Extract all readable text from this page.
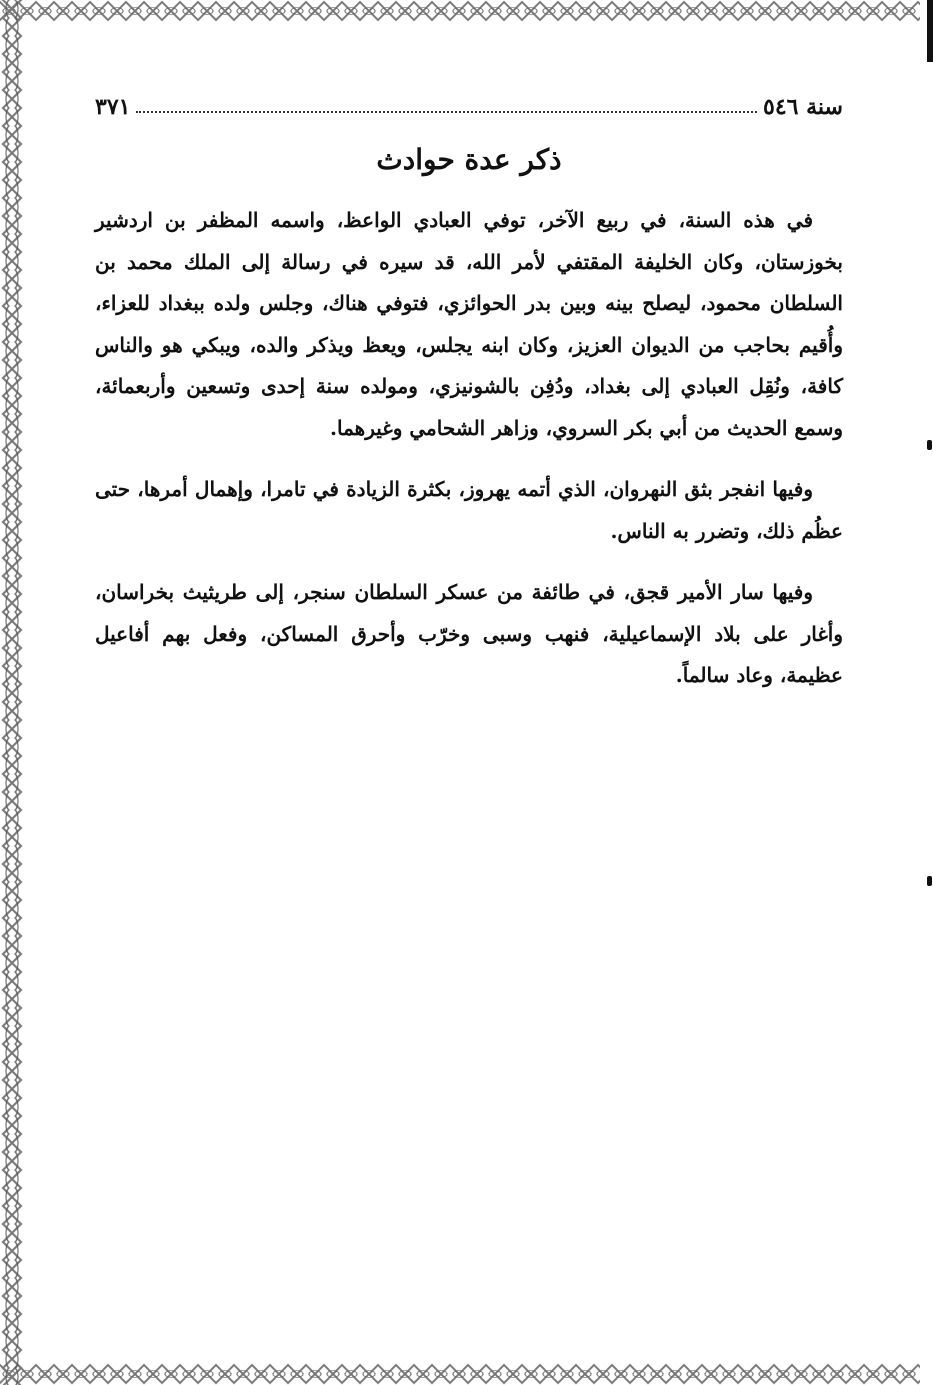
سنة ٥٤٦
٣٧١
ذكر عدة حوادث

في هذه السنة، في ربيع الآخر، توفي العبادي الواعظ، واسمه المظفر بن اردشير بخوزستان، وكان الخليفة المقتفي لأمر الله، قد سيره في رسالة إلى الملك محمد بن السلطان محمود، ليصلح بينه وبين بدر الحوائزي، فتوفي هناك، وجلس ولده ببغداد للعزاء، وأُقيم بحاجب من الديوان العزيز، وكان ابنه يجلس، ويعظ ويذكر والده، ويبكي هو والناس كافة، ونُقِل العبادي إلى بغداد، ودُفِن بالشونيزي، ومولده سنة إحدى وتسعين وأربعمائة، وسمع الحديث من أبي بكر السروي، وزاهر الشحامي وغيرهما.

وفيها انفجر بثق النهروان، الذي أتمه يهروز، بكثرة الزيادة في تامرا، وإهمال أمرها، حتى عظُم ذلك، وتضرر به الناس.

وفيها سار الأمير قجق، في طائفة من عسكر السلطان سنجر، إلى طريثيث بخراسان، وأغار على بلاد الإسماعيلية، فنهب وسبى وخرّب وأحرق المساكن، وفعل بهم أفاعيل عظيمة، وعاد سالماً.
